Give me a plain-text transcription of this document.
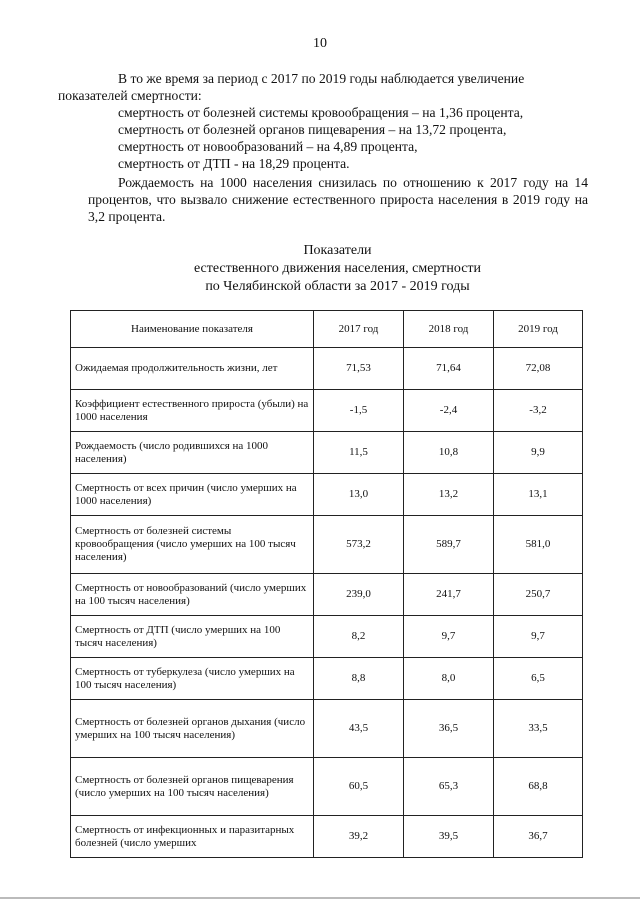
10
В то же время за период с 2017 по 2019 годы наблюдается увеличение
показателей смертности:
смертность от болезней системы кровообращения – на 1,36 процента,
смертность от болезней органов пищеварения – на 13,72 процента,
смертность от новообразований – на 4,89 процента,
смертность от ДТП - на 18,29 процента.
Рождаемость на 1000 населения снизилась по отношению к 2017 году на 14 процентов, что вызвало снижение естественного прироста населения в 2019 году на 3,2 процента.
Показатели
естественного движения населения, смертности
по Челябинской области за 2017 - 2019 годы
Наименование показателя	2017 год	2018 год	2019 год
Ожидаемая продолжительность жизни, лет	71,53	71,64	72,08
Коэффициент естественного прироста (убыли) на 1000 населения	-1,5	-2,4	-3,2
Рождаемость (число родившихся на 1000 населения)	11,5	10,8	9,9
Смертность от всех причин (число умерших на 1000 населения)	13,0	13,2	13,1
Смертность от болезней системы кровообращения (число умерших на 100 тысяч населения)	573,2	589,7	581,0
Смертность от новообразований (число умерших на 100 тысяч населения)	239,0	241,7	250,7
Смертность от ДТП (число умерших на 100 тысяч населения)	8,2	9,7	9,7
Смертность от туберкулеза (число умерших на 100 тысяч населения)	8,8	8,0	6,5
Смертность от болезней органов дыхания (число умерших на 100 тысяч населения)	43,5	36,5	33,5
Смертность от болезней органов пищеварения (число умерших на 100 тысяч населения)	60,5	65,3	68,8
Смертность от инфекционных и паразитарных болезней (число умерших	39,2	39,5	36,7
